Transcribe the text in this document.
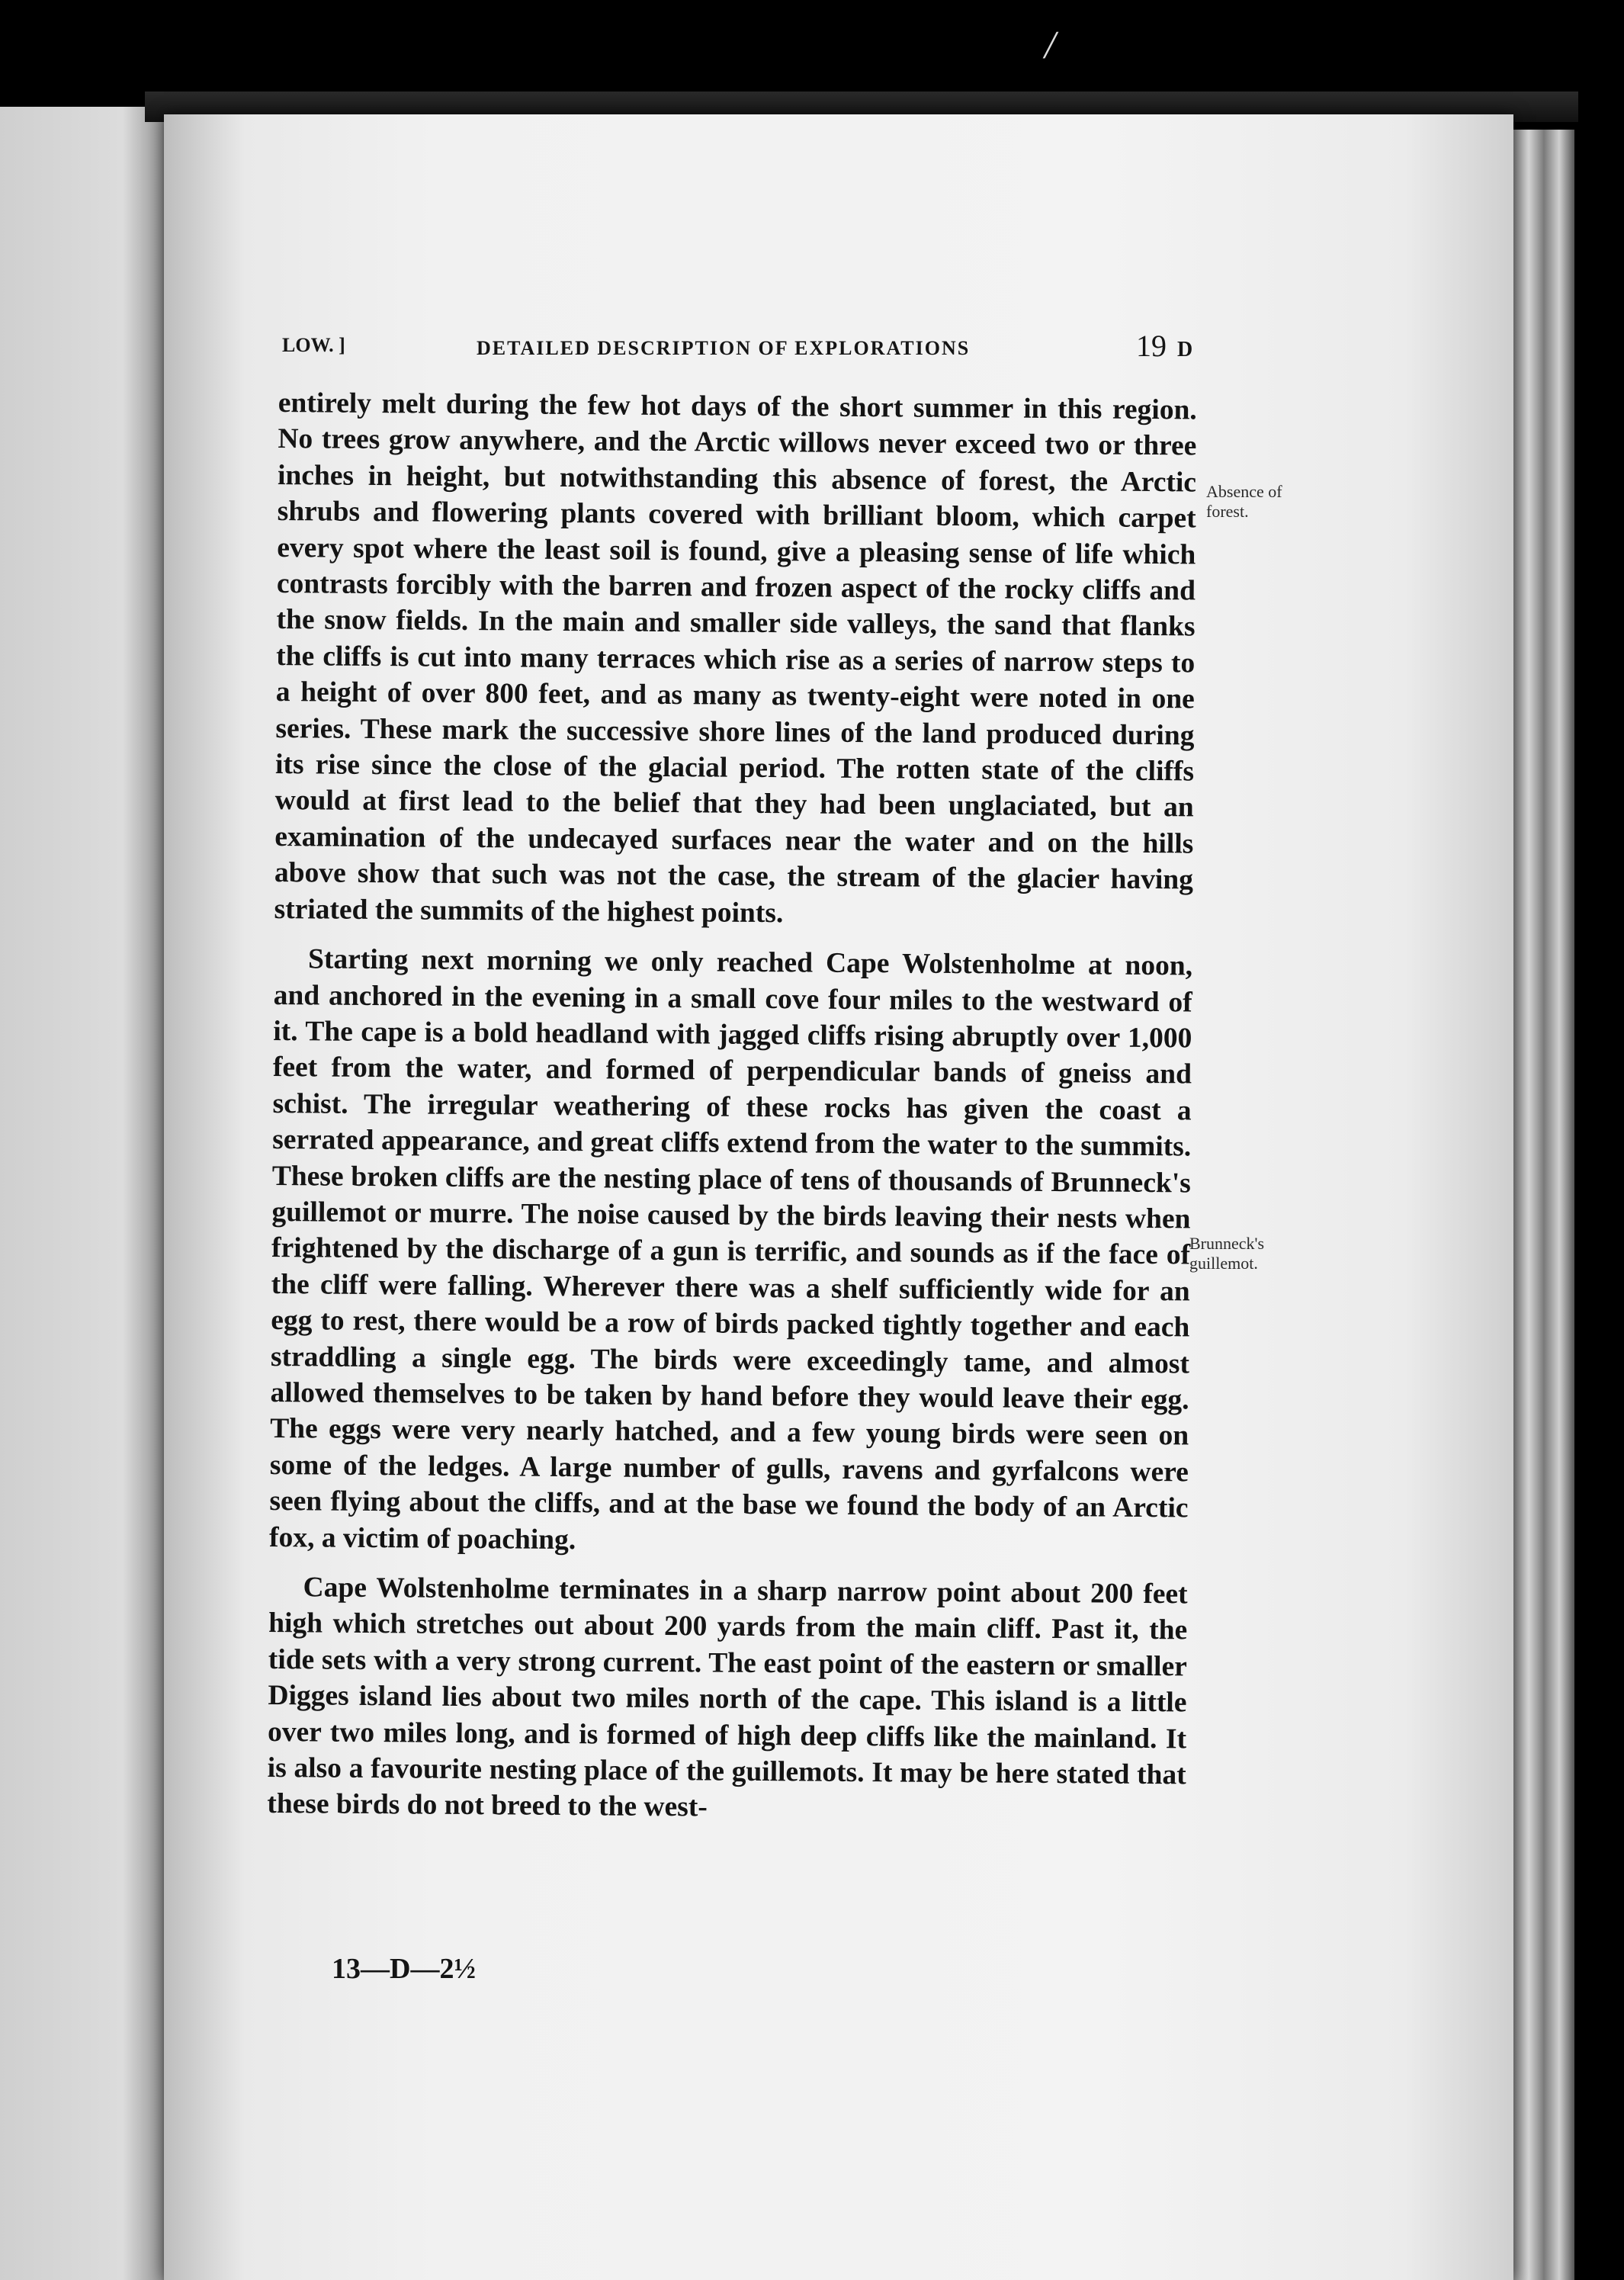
/
LOW. ]	DETAILED DESCRIPTION OF EXPLORATIONS	19 D

entirely melt during the few hot days of the short summer in this region. No trees grow anywhere, and the Arctic willows never exceed two or three inches in height, but notwithstanding this absence of forest, the Arctic shrubs and flowering plants covered with brilliant bloom, which carpet every spot where the least soil is found, give a pleasing sense of life which contrasts forcibly with the barren and frozen aspect of the rocky cliffs and the snow fields. In the main and smaller side valleys, the sand that flanks the cliffs is cut into many terraces which rise as a series of narrow steps to a height of over 800 feet, and as many as twenty-eight were noted in one series. These mark the successive shore lines of the land produced during its rise since the close of the glacial period. The rotten state of the cliffs would at first lead to the belief that they had been unglaciated, but an examination of the undecayed surfaces near the water and on the hills above show that such was not the case, the stream of the glacier having striated the summits of the highest points.

Starting next morning we only reached Cape Wolstenholme at noon, and anchored in the evening in a small cove four miles to the westward of it. The cape is a bold headland with jagged cliffs rising abruptly over 1,000 feet from the water, and formed of perpendicular bands of gneiss and schist. The irregular weathering of these rocks has given the coast a serrated appearance, and great cliffs extend from the water to the summits. These broken cliffs are the nesting place of tens of thousands of Brunneck's guillemot or murre. The noise caused by the birds leaving their nests when frightened by the discharge of a gun is terrific, and sounds as if the face of the cliff were falling. Wherever there was a shelf sufficiently wide for an egg to rest, there would be a row of birds packed tightly together and each straddling a single egg. The birds were exceedingly tame, and almost allowed themselves to be taken by hand before they would leave their egg. The eggs were very nearly hatched, and a few young birds were seen on some of the ledges. A large number of gulls, ravens and gyrfalcons were seen flying about the cliffs, and at the base we found the body of an Arctic fox, a victim of poaching.

Cape Wolstenholme terminates in a sharp narrow point about 200 feet high which stretches out about 200 yards from the main cliff. Past it, the tide sets with a very strong current. The east point of the eastern or smaller Digges island lies about two miles north of the cape. This island is a little over two miles long, and is formed of high deep cliffs like the mainland. It is also a favourite nesting place of the guillemots. It may be here stated that these birds do not breed to the west-

Absence of forest.
Brunneck's guillemot.
13—D—2½
